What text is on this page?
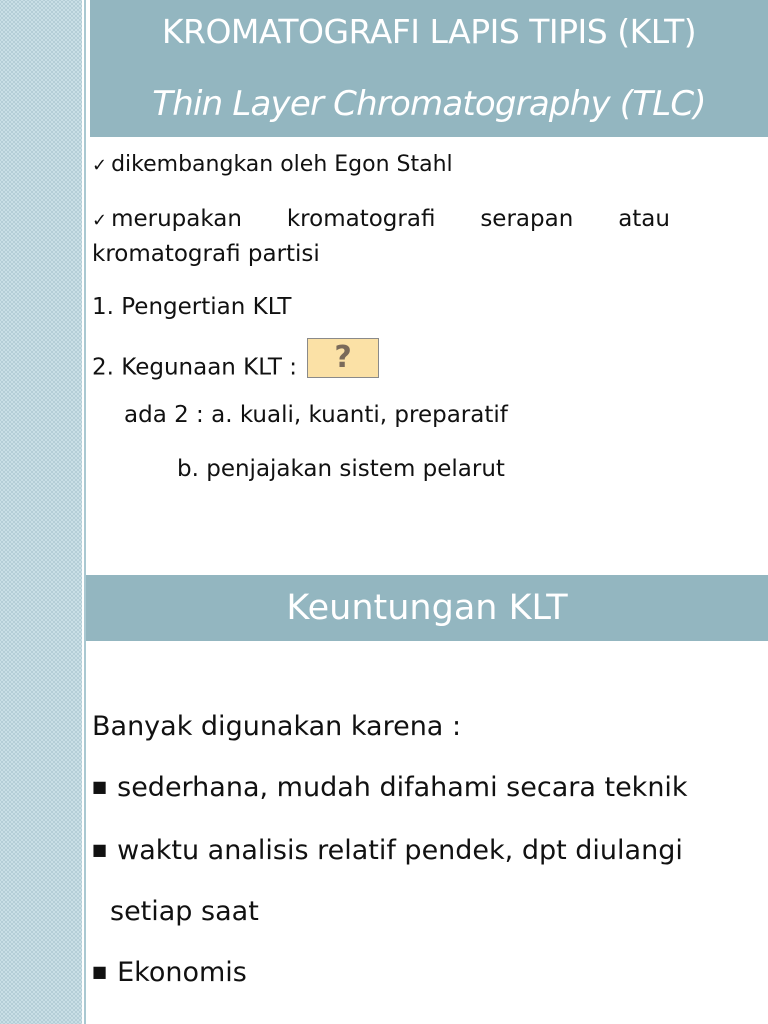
KROMATOGRAFI LAPIS TIPIS (KLT)
Thin Layer Chromatography (TLC)
✓ dikembangkan oleh Egon Stahl
✓ merupakan kromatografi serapan atau
kromatografi partisi
1. Pengertian KLT
2. Kegunaan KLT :	?
ada 2 : a. kuali, kuanti, preparatif
b. penjajakan sistem pelarut
Keuntungan KLT
Banyak digunakan karena :
■ sederhana, mudah difahami secara teknik
■ waktu analisis relatif pendek, dpt diulangi
setiap saat
■ Ekonomis
